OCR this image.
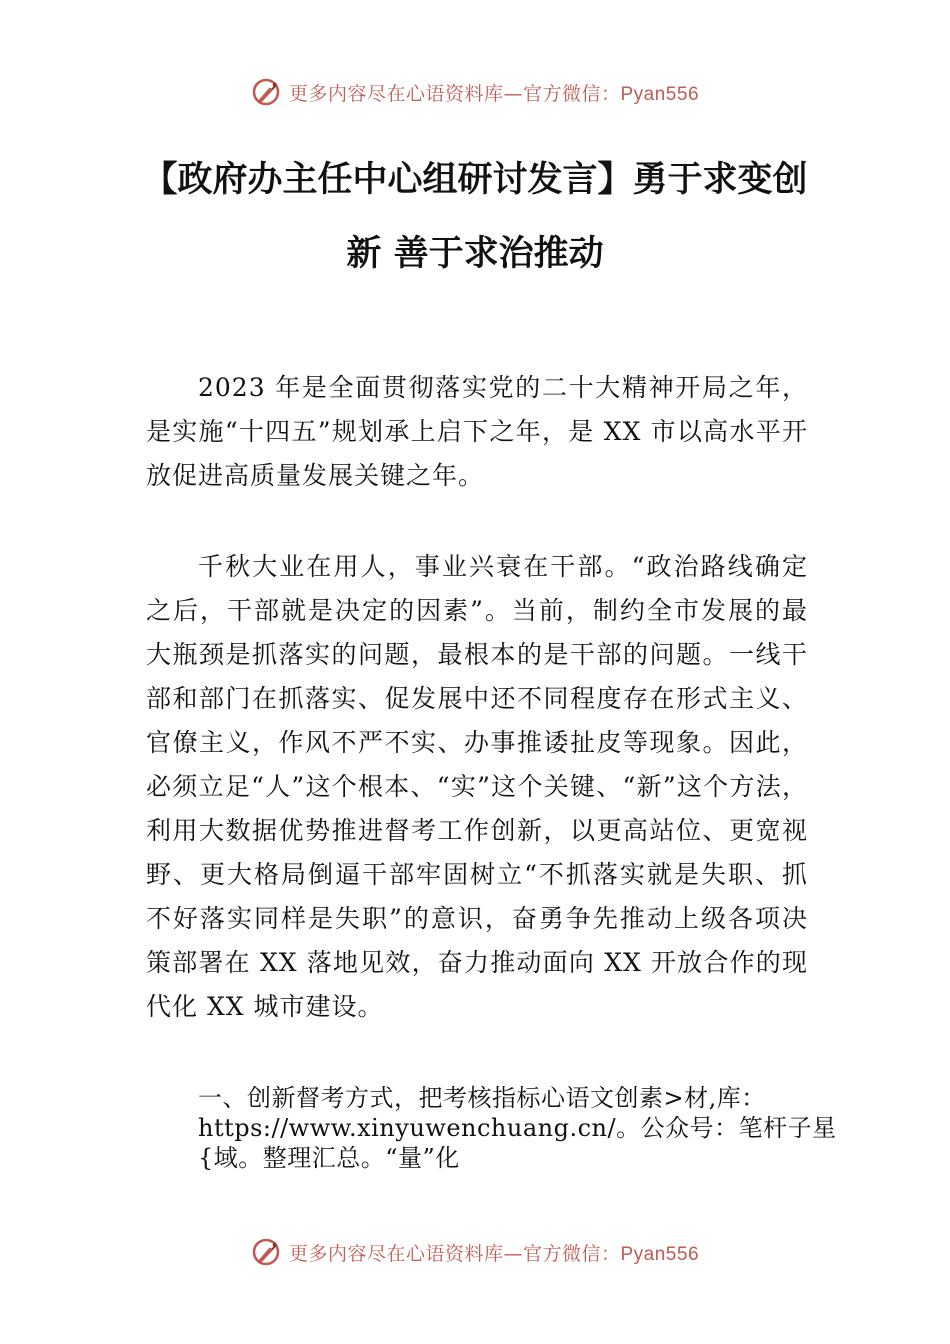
更多内容尽在心语资料库—官方微信：Pyan556
【政府办主任中心组研讨发言】勇于求变创
新 善于求治推动

2023 年是全面贯彻落实党的二十大精神开局之年，是实施“十四五”规划承上启下之年，是 XX 市以高水平开放促进高质量发展关键之年。

千秋大业在用人，事业兴衰在干部。“政治路线确定之后，干部就是决定的因素”。当前，制约全市发展的最大瓶颈是抓落实的问题，最根本的是干部的问题。一线干部和部门在抓落实、促发展中还不同程度存在形式主义、官僚主义，作风不严不实、办事推诿扯皮等现象。因此，必须立足“人”这个根本、“实”这个关键、“新”这个方法，利用大数据优势推进督考工作创新，以更高站位、更宽视野、更大格局倒逼干部牢固树立“不抓落实就是失职、抓不好落实同样是失职”的意识，奋勇争先推动上级各项决策部署在 XX 落地见效，奋力推动面向 XX 开放合作的现代化 XX 城市建设。

一、创新督考方式，把考核指标心语文创素>材,库：
https://www.xinyuwenchuang.cn/。公众号：笔杆子星
{域。整理汇总。“量”化
更多内容尽在心语资料库—官方微信：Pyan556
